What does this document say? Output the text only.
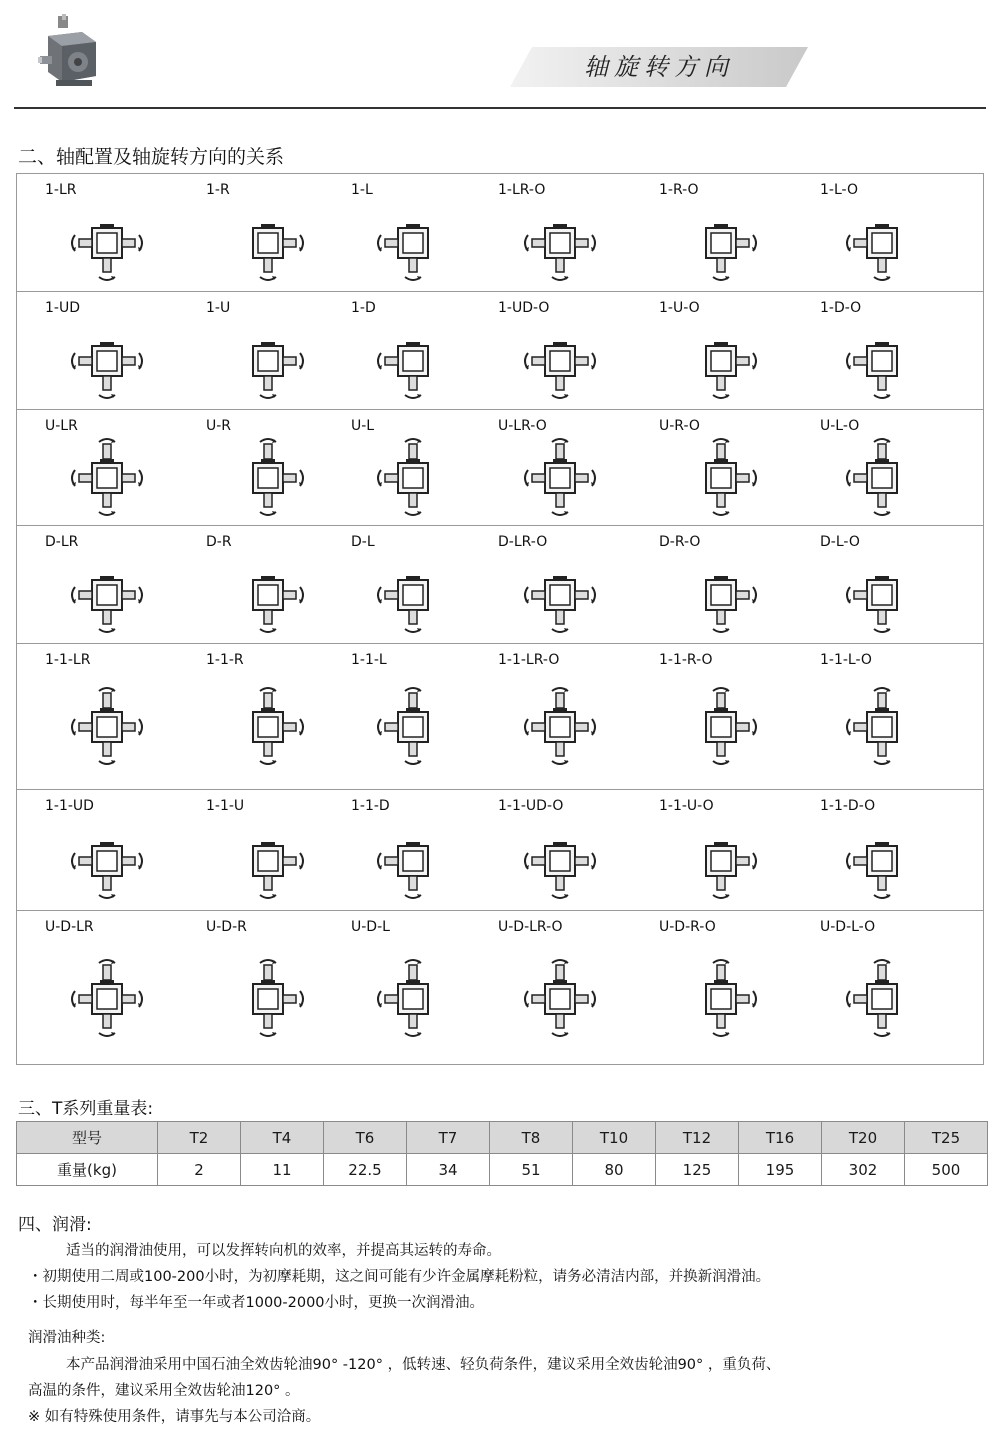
轴旋转方向
二、轴配置及轴旋转方向的关系
1-LR	1-R	1-L	1-LR-O	1-R-O	1-L-O
1-UD	1-U	1-D	1-UD-O	1-U-O	1-D-O
U-LR	U-R	U-L	U-LR-O	U-R-O	U-L-O
D-LR	D-R	D-L	D-LR-O	D-R-O	D-L-O
1-1-LR	1-1-R	1-1-L	1-1-LR-O	1-1-R-O	1-1-L-O
1-1-UD	1-1-U	1-1-D	1-1-UD-O	1-1-U-O	1-1-D-O
U-D-LR	U-D-R	U-D-L	U-D-LR-O	U-D-R-O	U-D-L-O
三、T系列重量表:
型号	T2	T4	T6	T7	T8	T10	T12	T16	T20	T25
重量(kg)	2	11	22.5	34	51	80	125	195	302	500
四、润滑:
适当的润滑油使用，可以发挥转向机的效率，并提高其运转的寿命。
・初期使用二周或100-200小时，为初摩耗期，这之间可能有少许金属摩耗粉粒，请务必清洁内部，并换新润滑油。
・长期使用时，每半年至一年或者1000-2000小时，更换一次润滑油。
润滑油种类:
本产品润滑油采用中国石油全效齿轮油90° -120° ，低转速、轻负荷条件，建议采用全效齿轮油90° ，重负荷、
高温的条件，建议采用全效齿轮油120° 。
※ 如有特殊使用条件，请事先与本公司洽商。
